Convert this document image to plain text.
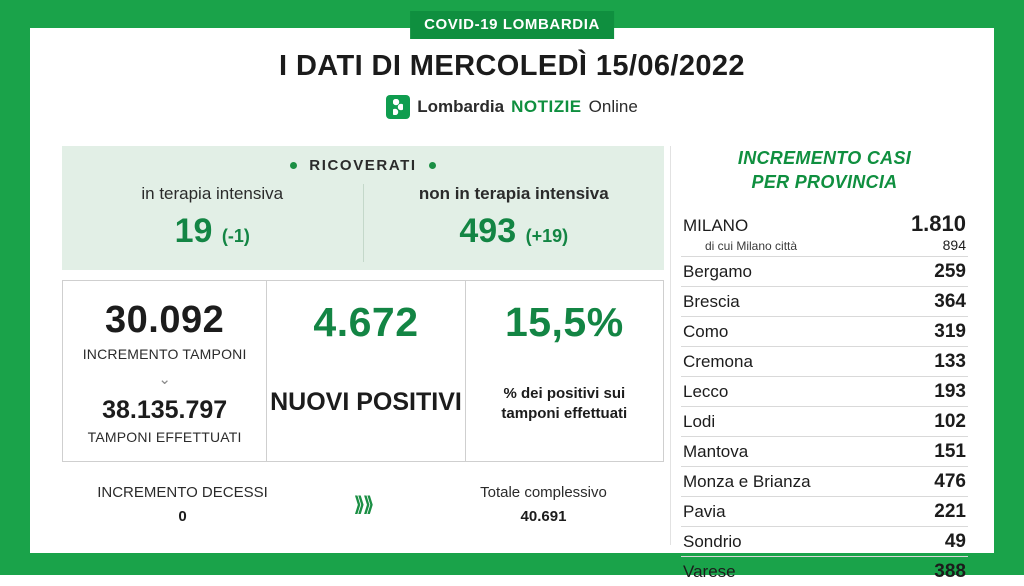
COVID-19 LOMBARDIA
I DATI DI MERCOLEDÌ 15/06/2022
Lombardia NOTIZIE Online
RICOVERATI
in terapia intensiva
19 (-1)
non in terapia intensiva
493 (+19)
30.092
INCREMENTO TAMPONI
⌄
38.135.797
TAMPONI EFFETTUATI
4.672
NUOVI POSITIVI
15,5%
% dei positivi sui
tamponi effettuati
INCREMENTO DECESSI
0
⟫⟫
Totale complessivo
40.691
INCREMENTO CASI
PER PROVINCIA
MILANO	1.810
di cui Milano città	894
Bergamo	259
Brescia	364
Como	319
Cremona	133
Lecco	193
Lodi	102
Mantova	151
Monza e Brianza	476
Pavia	221
Sondrio	49
Varese	388
